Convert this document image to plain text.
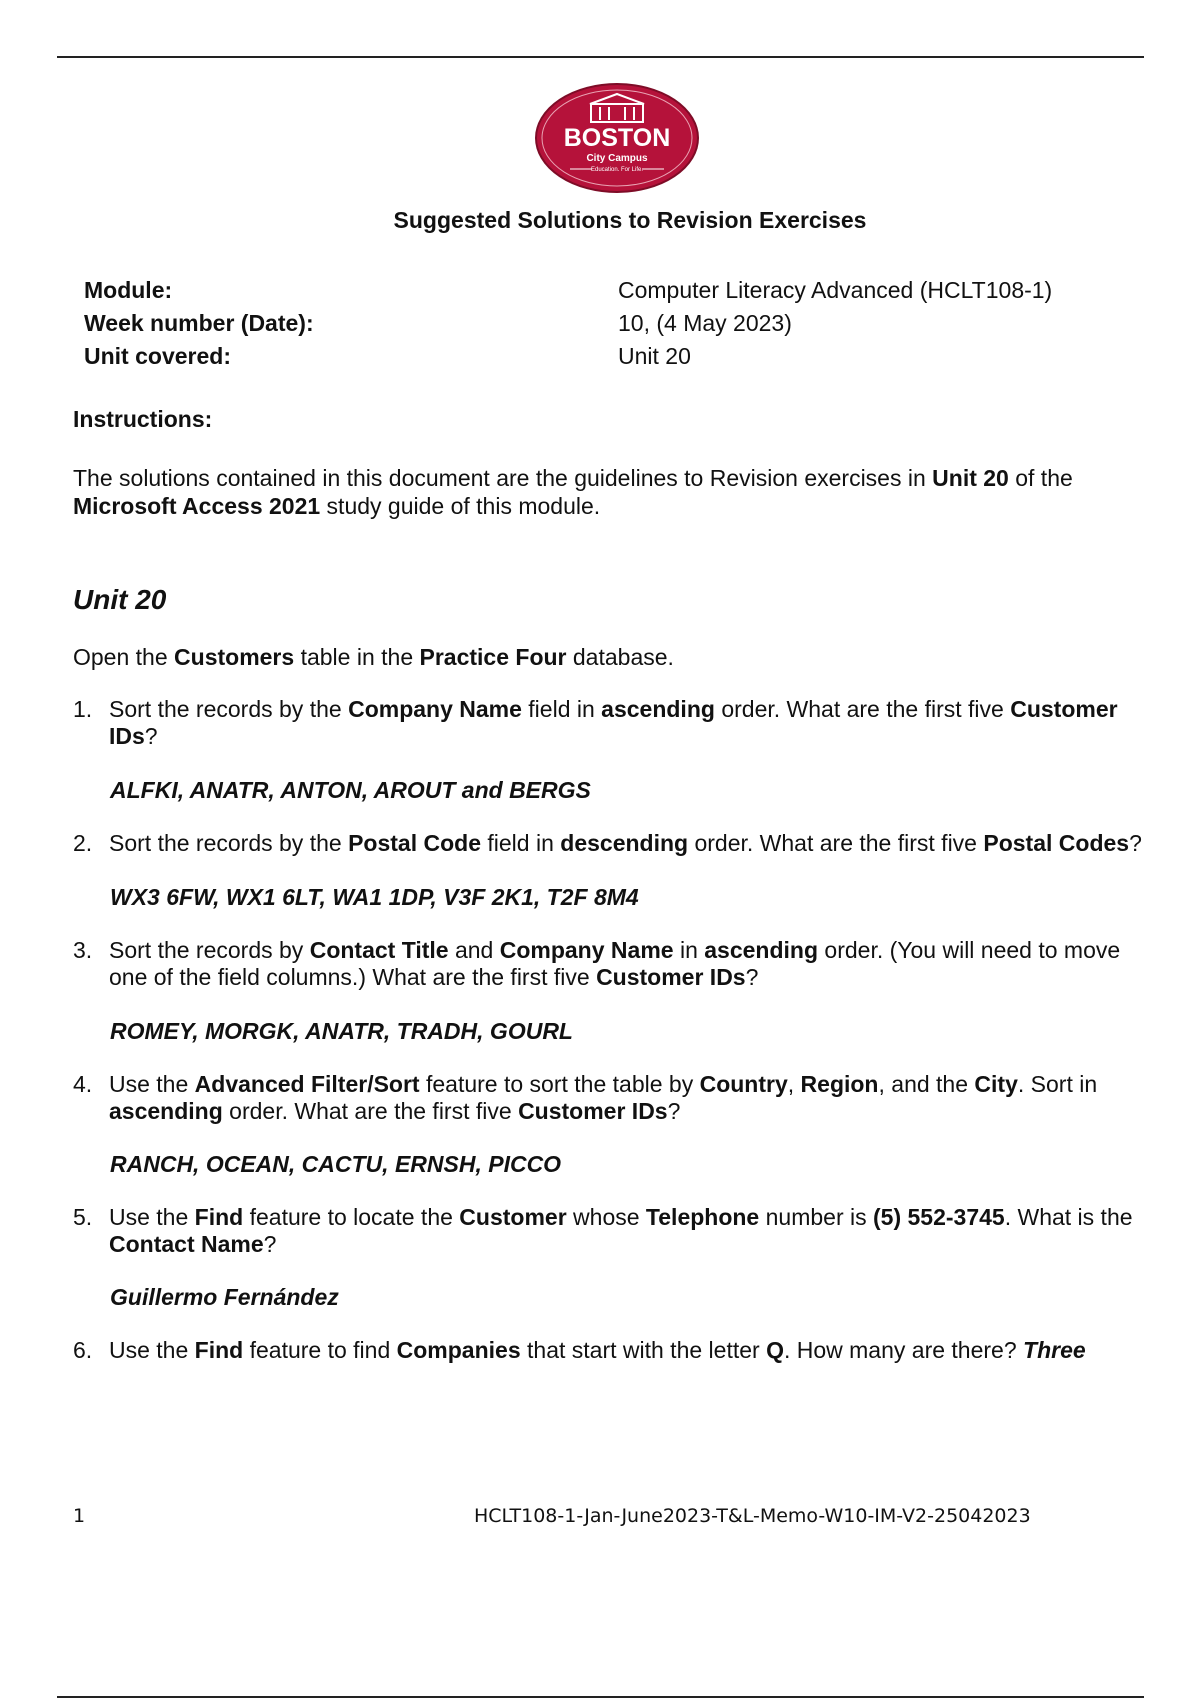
BOSTON
City Campus
Education. For Life.
Suggested Solutions to Revision Exercises
Module:	Computer Literacy Advanced (HCLT108-1)
Week number (Date):	10, (4 May 2023)
Unit covered:	Unit 20
Instructions:
The solutions contained in this document are the guidelines to Revision exercises in Unit 20 of the Microsoft Access 2021 study guide of this module.
Unit 20
Open the Customers table in the Practice Four database.
1. Sort the records by the Company Name field in ascending order. What are the first five Customer IDs?
ALFKI, ANATR, ANTON, AROUT and BERGS
2. Sort the records by the Postal Code field in descending order. What are the first five Postal Codes?
WX3 6FW, WX1 6LT, WA1 1DP, V3F 2K1, T2F 8M4
3. Sort the records by Contact Title and Company Name in ascending order. (You will need to move one of the field columns.) What are the first five Customer IDs?
ROMEY, MORGK, ANATR, TRADH, GOURL
4. Use the Advanced Filter/Sort feature to sort the table by Country, Region, and the City. Sort in ascending order. What are the first five Customer IDs?
RANCH, OCEAN, CACTU, ERNSH, PICCO
5. Use the Find feature to locate the Customer whose Telephone number is (5) 552-3745. What is the Contact Name?
Guillermo Fernández
6. Use the Find feature to find Companies that start with the letter Q. How many are there? Three
1	HCLT108-1-Jan-June2023-T&L-Memo-W10-IM-V2-25042023
